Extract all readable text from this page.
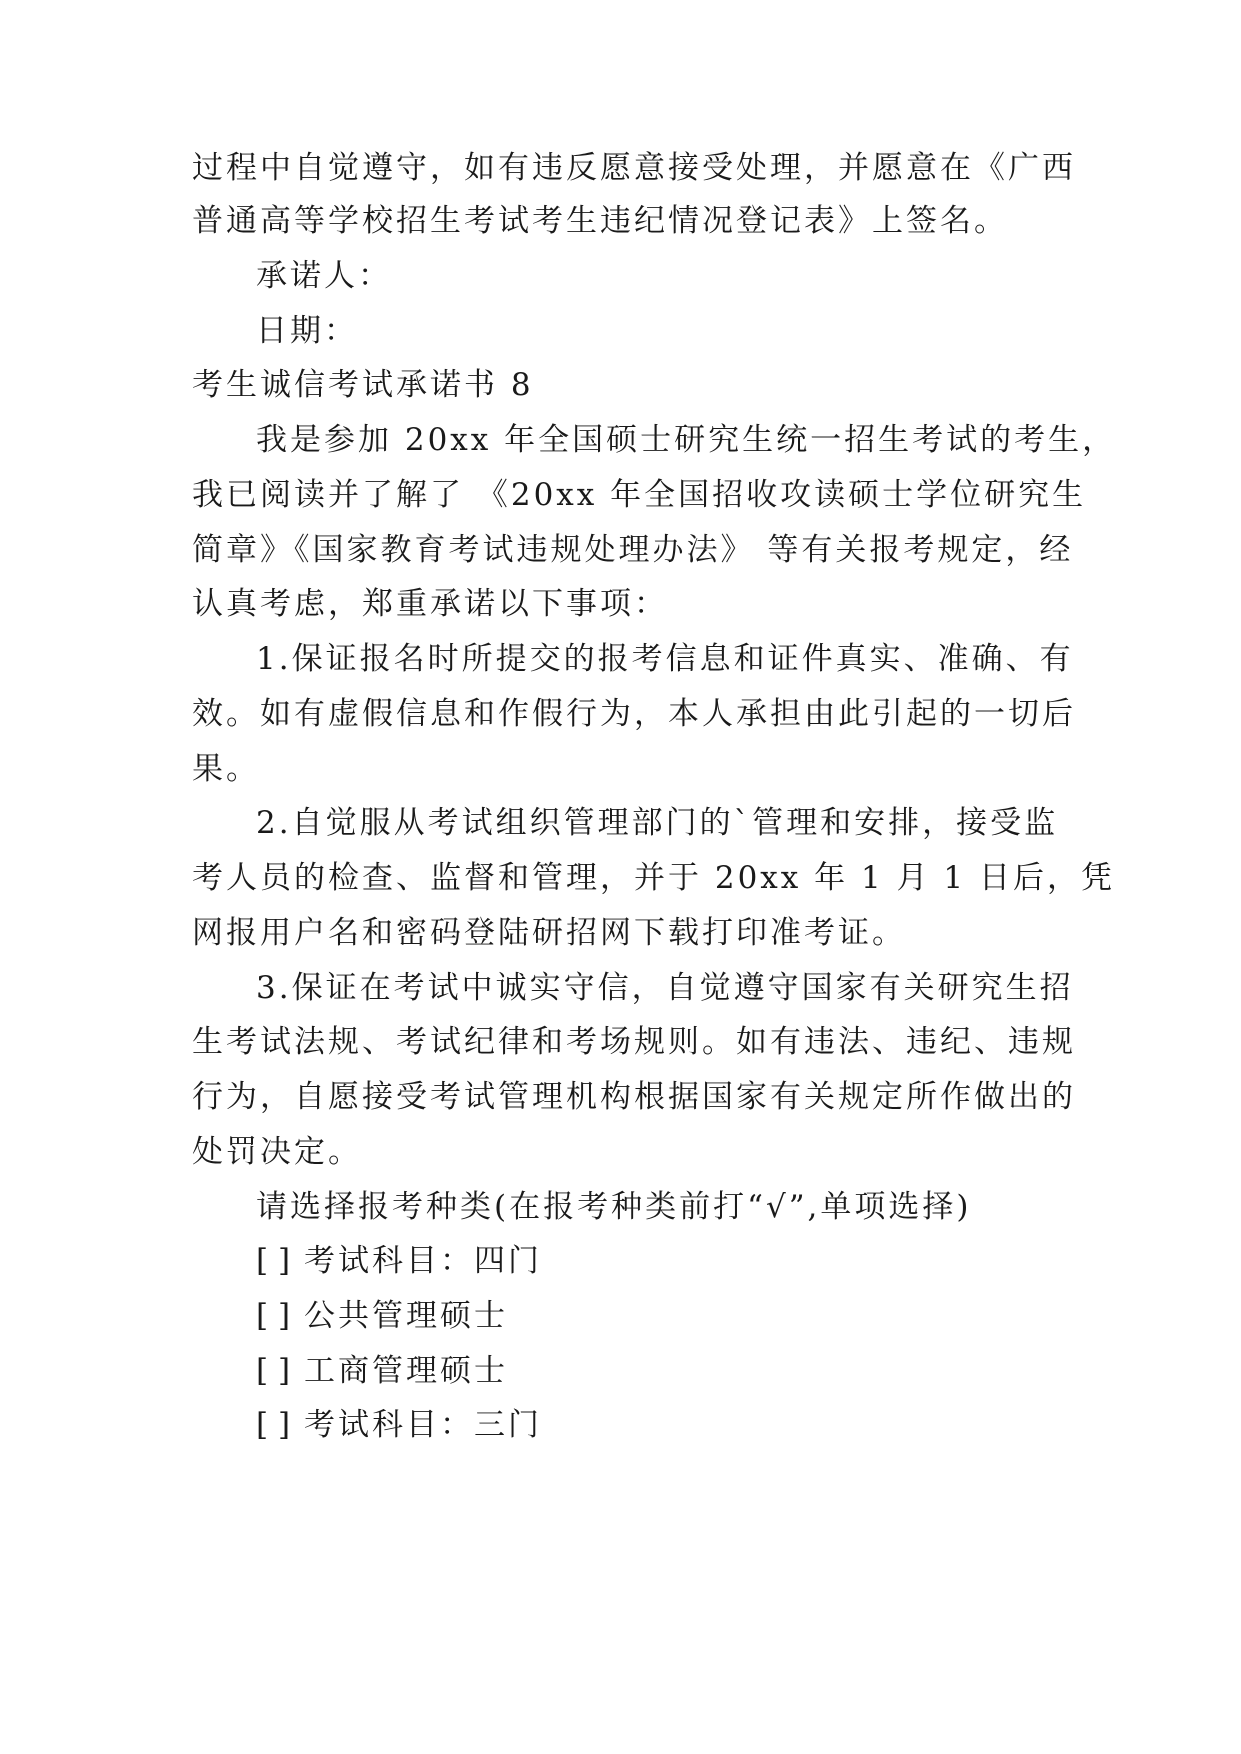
过程中自觉遵守，如有违反愿意接受处理，并愿意在《广西
普通高等学校招生考试考生违纪情况登记表》上签名。
承诺人：
日期：
考生诚信考试承诺书 8
我是参加 20xx 年全国硕士研究生统一招生考试的考生，
我已阅读并了解了 《20xx 年全国招收攻读硕士学位研究生
简章》《国家教育考试违规处理办法》 等有关报考规定，经
认真考虑，郑重承诺以下事项：
1.保证报名时所提交的报考信息和证件真实、准确、有
效。如有虚假信息和作假行为，本人承担由此引起的一切后
果。
2.自觉服从考试组织管理部门的`管理和安排，接受监
考人员的检查、监督和管理，并于 20xx 年 1 月 1 日后，凭
网报用户名和密码登陆研招网下载打印准考证。
3.保证在考试中诚实守信，自觉遵守国家有关研究生招
生考试法规、考试纪律和考场规则。如有违法、违纪、违规
行为，自愿接受考试管理机构根据国家有关规定所作做出的
处罚决定。
请选择报考种类(在报考种类前打“√”,单项选择)
[ ] 考试科目：四门
[ ] 公共管理硕士
[ ] 工商管理硕士
[ ] 考试科目：三门
